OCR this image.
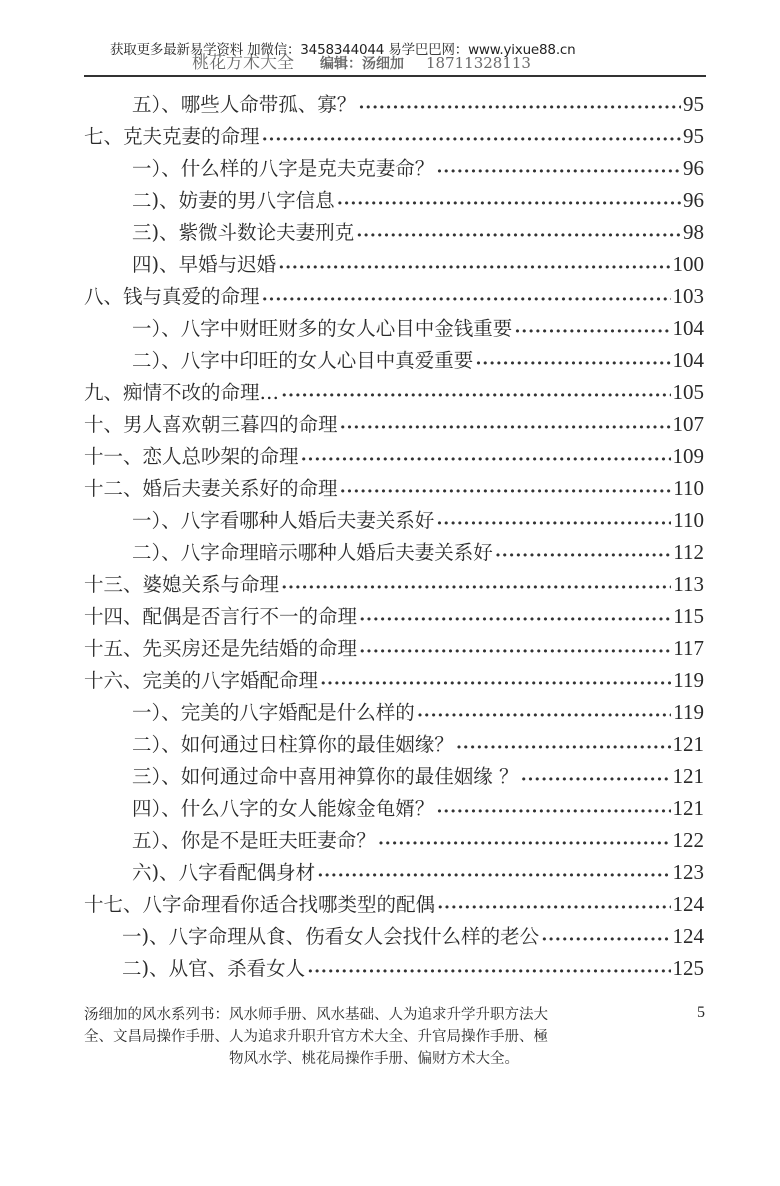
获取更多最新易学资料 加微信：3458344044 易学巴巴网：www.yixue88.cn
桃花方术大全 编辑：汤细加 18711328113
五）、哪些人命带孤、寡？ •••••	95
七、克夫克妻的命理 •••••	95
一）、什么样的八字是克夫克妻命？ •••••	96
二)、妨妻的男八字信息 •••••	96
三)、紫微斗数论夫妻刑克 •••••	98
四)、早婚与迟婚 •••••	100
八、钱与真爱的命理 •••••	103
一）、八字中财旺财多的女人心目中金钱重要 •••••	104
二）、八字中印旺的女人心目中真爱重要 •••••	104
九、痴情不改的命理… •••••	105
十、男人喜欢朝三暮四的命理 •••••	107
十一、恋人总吵架的命理 •••••	109
十二、婚后夫妻关系好的命理 •••••	110
一）、八字看哪种人婚后夫妻关系好 •••••	110
二）、八字命理暗示哪种人婚后夫妻关系好 •••••	112
十三、婆媳关系与命理 •••••	113
十四、配偶是否言行不一的命理 •••••	115
十五、先买房还是先结婚的命理 •••••	117
十六、完美的八字婚配命理 •••••	119
一）、完美的八字婚配是什么样的 •••••	119
二）、如何通过日柱算你的最佳姻缘？ •••••	121
三）、如何通过命中喜用神算你的最佳姻缘 ？ •••••	121
四）、什么八字的女人能嫁金龟婿？ •••••	121
五）、你是不是旺夫旺妻命？ •••••	122
六)、八字看配偶身材 •••••	123
十七、八字命理看你适合找哪类型的配偶 •••••	124
一)、八字命理从食、伤看女人会找什么样的老公 •••••	124
二)、从官、杀看女人 •••••	125
汤细加的风水系列书：风水师手册、风水基础、人为追求升学升职方法大
全、文昌局操作手册、人为追求升职升官方术大全、升官局操作手册、極
物风水学、桃花局操作手册、偏财方术大全。
5
